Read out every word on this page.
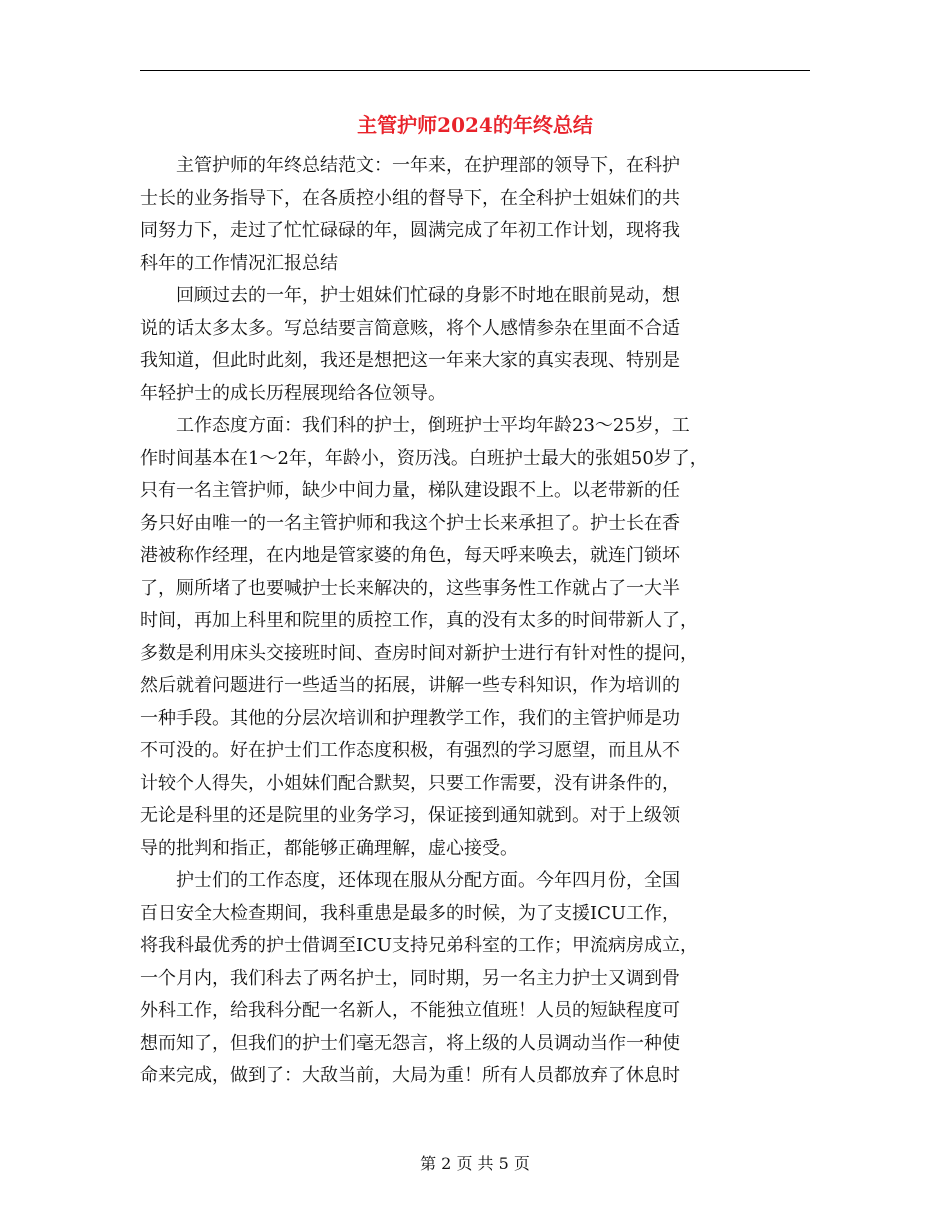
主管护师2024的年终总结
　　主管护师的年终总结范文：一年来，在护理部的领导下，在科护
士长的业务指导下，在各质控小组的督导下，在全科护士姐妹们的共
同努力下，走过了忙忙碌碌的年，圆满完成了年初工作计划，现将我
科年的工作情况汇报总结
　　回顾过去的一年，护士姐妹们忙碌的身影不时地在眼前晃动，想
说的话太多太多。写总结要言简意赅，将个人感情参杂在里面不合适
我知道，但此时此刻，我还是想把这一年来大家的真实表现、特别是
年轻护士的成长历程展现给各位领导。
　　工作态度方面：我们科的护士，倒班护士平均年龄23～25岁，工
作时间基本在1～2年，年龄小，资历浅。白班护士最大的张姐50岁了，
只有一名主管护师，缺少中间力量，梯队建设跟不上。以老带新的任
务只好由唯一的一名主管护师和我这个护士长来承担了。护士长在香
港被称作经理，在内地是管家婆的角色，每天呼来唤去，就连门锁坏
了，厕所堵了也要喊护士长来解决的，这些事务性工作就占了一大半
时间，再加上科里和院里的质控工作，真的没有太多的时间带新人了，
多数是利用床头交接班时间、查房时间对新护士进行有针对性的提问，
然后就着问题进行一些适当的拓展，讲解一些专科知识，作为培训的
一种手段。其他的分层次培训和护理教学工作，我们的主管护师是功
不可没的。好在护士们工作态度积极，有强烈的学习愿望，而且从不
计较个人得失，小姐妹们配合默契，只要工作需要，没有讲条件的，
无论是科里的还是院里的业务学习，保证接到通知就到。对于上级领
导的批判和指正，都能够正确理解，虚心接受。
　　护士们的工作态度，还体现在服从分配方面。今年四月份，全国
百日安全大检查期间，我科重患是最多的时候，为了支援ICU工作，
将我科最优秀的护士借调至ICU支持兄弟科室的工作；甲流病房成立，
一个月内，我们科去了两名护士，同时期，另一名主力护士又调到骨
外科工作，给我科分配一名新人，不能独立值班！人员的短缺程度可
想而知了，但我们的护士们毫无怨言，将上级的人员调动当作一种使
命来完成，做到了：大敌当前，大局为重！所有人员都放弃了休息时
第 2 页 共 5 页
